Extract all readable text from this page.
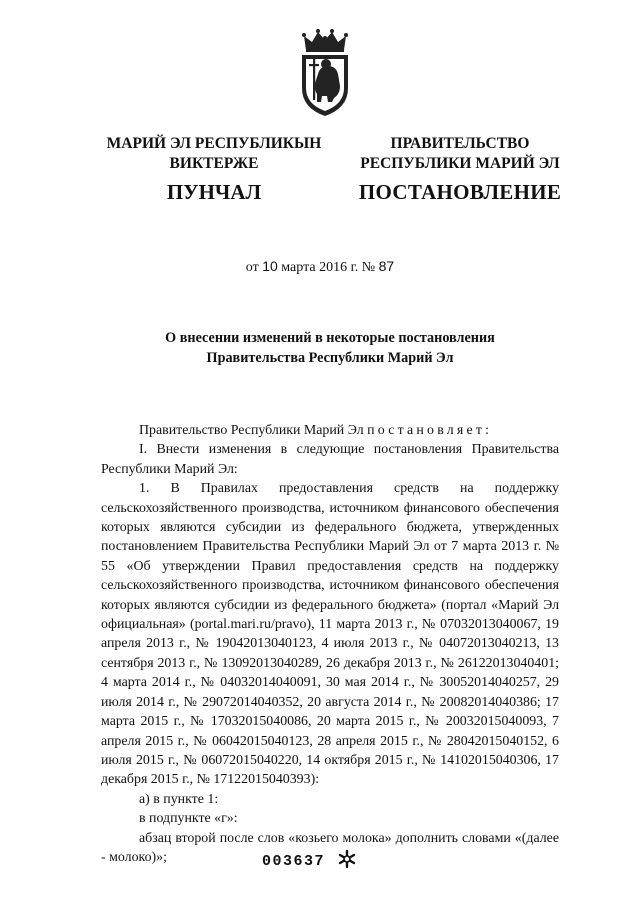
МАРИЙ ЭЛ РЕСПУБЛИКЫН
ВИКТЕРЖЕ
ПРАВИТЕЛЬСТВО
РЕСПУБЛИКИ МАРИЙ ЭЛ
ПУНЧАЛ	ПОСТАНОВЛЕНИЕ
от 10 марта 2016 г. № 87
О внесении изменений в некоторые постановления
Правительства Республики Марий Эл

Правительство Республики Марий Эл постановляет:

I. Внести изменения в следующие постановления Правительства Республики Марий Эл:

1. В Правилах предоставления средств на поддержку сельскохозяйственного производства, источником финансового обеспечения которых являются субсидии из федерального бюджета, утвержденных постановлением Правительства Республики Марий Эл от 7 марта 2013 г. № 55 «Об утверждении Правил предоставления средств на поддержку сельскохозяйственного производства, источником финансового обеспечения которых являются субсидии из федерального бюджета» (портал «Марий Эл официальная» (portal.mari.ru/pravo), 11 марта 2013 г., № 07032013040067, 19 апреля 2013 г., № 19042013040123, 4 июля 2013 г., № 04072013040213, 13 сентября 2013 г., № 13092013040289, 26 декабря 2013 г., № 26122013040401; 4 марта 2014 г., № 04032014040091, 30 мая 2014 г., № 30052014040257, 29 июля 2014 г., № 29072014040352, 20 августа 2014 г., № 20082014040386; 17 марта 2015 г., № 17032015040086, 20 марта 2015 г., № 20032015040093, 7 апреля 2015 г., № 06042015040123, 28 апреля 2015 г., № 28042015040152, 6 июля 2015 г., № 06072015040220, 14 октября 2015 г., № 14102015040306, 17 декабря 2015 г., № 17122015040393):

а) в пункте 1:

в подпункте «г»:

абзац второй после слов «козьего молока» дополнить словами «(далее - молоко)»;	003637
